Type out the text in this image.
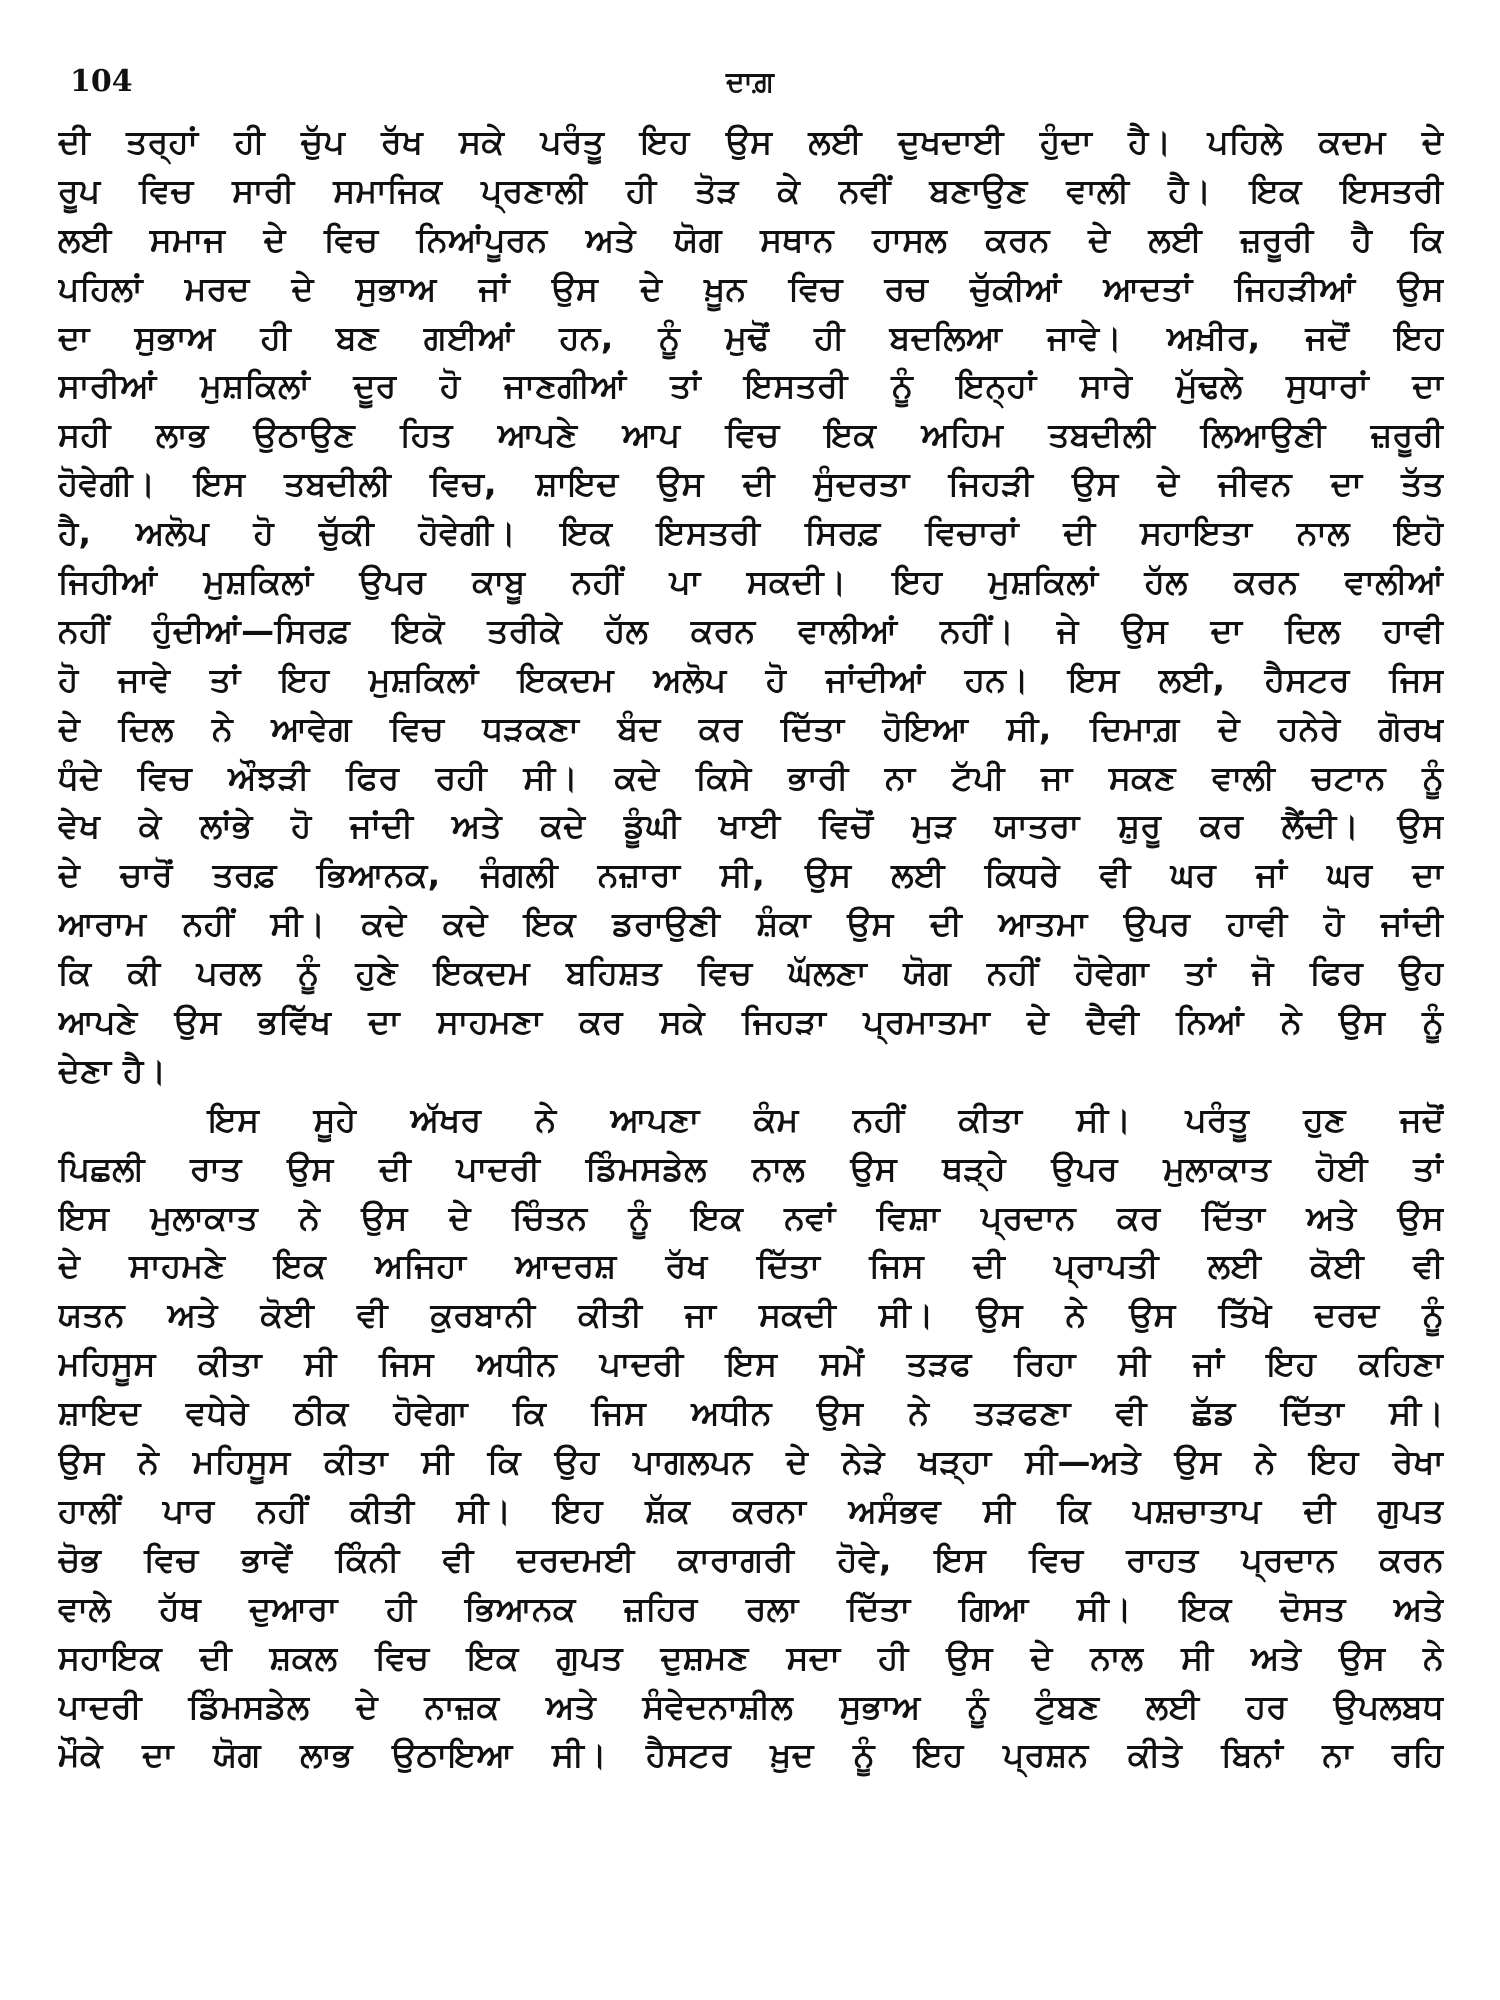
104	ਦਾਗ਼
ਦੀ ਤਰ੍ਹਾਂ ਹੀ ਚੁੱਪ ਰੱਖ ਸਕੇ ਪਰੰਤੂ ਇਹ ਉਸ ਲਈ ਦੁਖਦਾਈ ਹੁੰਦਾ ਹੈ। ਪਹਿਲੇ ਕਦਮ ਦੇ
ਰੂਪ ਵਿਚ ਸਾਰੀ ਸਮਾਜਿਕ ਪ੍ਰਣਾਲੀ ਹੀ ਤੋੜ ਕੇ ਨਵੀਂ ਬਣਾਉਣ ਵਾਲੀ ਹੈ। ਇਕ ਇਸਤਰੀ
ਲਈ ਸਮਾਜ ਦੇ ਵਿਚ ਨਿਆਂਪੂਰਨ ਅਤੇ ਯੋਗ ਸਥਾਨ ਹਾਸਲ ਕਰਨ ਦੇ ਲਈ ਜ਼ਰੂਰੀ ਹੈ ਕਿ
ਪਹਿਲਾਂ ਮਰਦ ਦੇ ਸੁਭਾਅ ਜਾਂ ਉਸ ਦੇ ਖ਼ੂਨ ਵਿਚ ਰਚ ਚੁੱਕੀਆਂ ਆਦਤਾਂ ਜਿਹੜੀਆਂ ਉਸ
ਦਾ ਸੁਭਾਅ ਹੀ ਬਣ ਗਈਆਂ ਹਨ, ਨੂੰ ਮੁਢੋਂ ਹੀ ਬਦਲਿਆ ਜਾਵੇ। ਅਖ਼ੀਰ, ਜਦੋਂ ਇਹ
ਸਾਰੀਆਂ ਮੁਸ਼ਕਿਲਾਂ ਦੂਰ ਹੋ ਜਾਣਗੀਆਂ ਤਾਂ ਇਸਤਰੀ ਨੂੰ ਇਨ੍ਹਾਂ ਸਾਰੇ ਮੁੱਢਲੇ ਸੁਧਾਰਾਂ ਦਾ
ਸਹੀ ਲਾਭ ਉਠਾਉਣ ਹਿਤ ਆਪਣੇ ਆਪ ਵਿਚ ਇਕ ਅਹਿਮ ਤਬਦੀਲੀ ਲਿਆਉਣੀ ਜ਼ਰੂਰੀ
ਹੋਵੇਗੀ। ਇਸ ਤਬਦੀਲੀ ਵਿਚ, ਸ਼ਾਇਦ ਉਸ ਦੀ ਸੁੰਦਰਤਾ ਜਿਹੜੀ ਉਸ ਦੇ ਜੀਵਨ ਦਾ ਤੱਤ
ਹੈ, ਅਲੋਪ ਹੋ ਚੁੱਕੀ ਹੋਵੇਗੀ। ਇਕ ਇਸਤਰੀ ਸਿਰਫ਼ ਵਿਚਾਰਾਂ ਦੀ ਸਹਾਇਤਾ ਨਾਲ ਇਹੋ
ਜਿਹੀਆਂ ਮੁਸ਼ਕਿਲਾਂ ਉਪਰ ਕਾਬੂ ਨਹੀਂ ਪਾ ਸਕਦੀ। ਇਹ ਮੁਸ਼ਕਿਲਾਂ ਹੱਲ ਕਰਨ ਵਾਲੀਆਂ
ਨਹੀਂ ਹੁੰਦੀਆਂ—ਸਿਰਫ਼ ਇਕੋ ਤਰੀਕੇ ਹੱਲ ਕਰਨ ਵਾਲੀਆਂ ਨਹੀਂ। ਜੇ ਉਸ ਦਾ ਦਿਲ ਹਾਵੀ
ਹੋ ਜਾਵੇ ਤਾਂ ਇਹ ਮੁਸ਼ਕਿਲਾਂ ਇਕਦਮ ਅਲੋਪ ਹੋ ਜਾਂਦੀਆਂ ਹਨ। ਇਸ ਲਈ, ਹੈਸਟਰ ਜਿਸ
ਦੇ ਦਿਲ ਨੇ ਆਵੇਗ ਵਿਚ ਧੜਕਣਾ ਬੰਦ ਕਰ ਦਿੱਤਾ ਹੋਇਆ ਸੀ, ਦਿਮਾਗ਼ ਦੇ ਹਨੇਰੇ ਗੋਰਖ
ਧੰਦੇ ਵਿਚ ਔਝੜੀ ਫਿਰ ਰਹੀ ਸੀ। ਕਦੇ ਕਿਸੇ ਭਾਰੀ ਨਾ ਟੱਪੀ ਜਾ ਸਕਣ ਵਾਲੀ ਚਟਾਨ ਨੂੰ
ਵੇਖ ਕੇ ਲਾਂਭੇ ਹੋ ਜਾਂਦੀ ਅਤੇ ਕਦੇ ਡੂੰਘੀ ਖਾਈ ਵਿਚੋਂ ਮੁੜ ਯਾਤਰਾ ਸ਼ੁਰੂ ਕਰ ਲੈਂਦੀ। ਉਸ
ਦੇ ਚਾਰੋਂ ਤਰਫ਼ ਭਿਆਨਕ, ਜੰਗਲੀ ਨਜ਼ਾਰਾ ਸੀ, ਉਸ ਲਈ ਕਿਧਰੇ ਵੀ ਘਰ ਜਾਂ ਘਰ ਦਾ
ਆਰਾਮ ਨਹੀਂ ਸੀ। ਕਦੇ ਕਦੇ ਇਕ ਡਰਾਉਣੀ ਸ਼ੰਕਾ ਉਸ ਦੀ ਆਤਮਾ ਉਪਰ ਹਾਵੀ ਹੋ ਜਾਂਦੀ
ਕਿ ਕੀ ਪਰਲ ਨੂੰ ਹੁਣੇ ਇਕਦਮ ਬਹਿਸ਼ਤ ਵਿਚ ਘੱਲਣਾ ਯੋਗ ਨਹੀਂ ਹੋਵੇਗਾ ਤਾਂ ਜੋ ਫਿਰ ਉਹ
ਆਪਣੇ ਉਸ ਭਵਿੱਖ ਦਾ ਸਾਹਮਣਾ ਕਰ ਸਕੇ ਜਿਹੜਾ ਪ੍ਰਮਾਤਮਾ ਦੇ ਦੈਵੀ ਨਿਆਂ ਨੇ ਉਸ ਨੂੰ
ਦੇਣਾ ਹੈ।
ਇਸ ਸੂਹੇ ਅੱਖਰ ਨੇ ਆਪਣਾ ਕੰਮ ਨਹੀਂ ਕੀਤਾ ਸੀ। ਪਰੰਤੂ ਹੁਣ ਜਦੋਂ
ਪਿਛਲੀ ਰਾਤ ਉਸ ਦੀ ਪਾਦਰੀ ਡਿੰਮਸਡੇਲ ਨਾਲ ਉਸ ਥੜ੍ਹੇ ਉਪਰ ਮੁਲਾਕਾਤ ਹੋਈ ਤਾਂ
ਇਸ ਮੁਲਾਕਾਤ ਨੇ ਉਸ ਦੇ ਚਿੰਤਨ ਨੂੰ ਇਕ ਨਵਾਂ ਵਿਸ਼ਾ ਪ੍ਰਦਾਨ ਕਰ ਦਿੱਤਾ ਅਤੇ ਉਸ
ਦੇ ਸਾਹਮਣੇ ਇਕ ਅਜਿਹਾ ਆਦਰਸ਼ ਰੱਖ ਦਿੱਤਾ ਜਿਸ ਦੀ ਪ੍ਰਾਪਤੀ ਲਈ ਕੋਈ ਵੀ
ਯਤਨ ਅਤੇ ਕੋਈ ਵੀ ਕੁਰਬਾਨੀ ਕੀਤੀ ਜਾ ਸਕਦੀ ਸੀ। ਉਸ ਨੇ ਉਸ ਤਿੱਖੇ ਦਰਦ ਨੂੰ
ਮਹਿਸੂਸ ਕੀਤਾ ਸੀ ਜਿਸ ਅਧੀਨ ਪਾਦਰੀ ਇਸ ਸਮੇਂ ਤੜਫ ਰਿਹਾ ਸੀ ਜਾਂ ਇਹ ਕਹਿਣਾ
ਸ਼ਾਇਦ ਵਧੇਰੇ ਠੀਕ ਹੋਵੇਗਾ ਕਿ ਜਿਸ ਅਧੀਨ ਉਸ ਨੇ ਤੜਫਣਾ ਵੀ ਛੱਡ ਦਿੱਤਾ ਸੀ।
ਉਸ ਨੇ ਮਹਿਸੂਸ ਕੀਤਾ ਸੀ ਕਿ ਉਹ ਪਾਗਲਪਨ ਦੇ ਨੇੜੇ ਖੜ੍ਹਾ ਸੀ—ਅਤੇ ਉਸ ਨੇ ਇਹ ਰੇਖਾ
ਹਾਲੀਂ ਪਾਰ ਨਹੀਂ ਕੀਤੀ ਸੀ। ਇਹ ਸ਼ੱਕ ਕਰਨਾ ਅਸੰਭਵ ਸੀ ਕਿ ਪਸ਼ਚਾਤਾਪ ਦੀ ਗੁਪਤ
ਚੋਭ ਵਿਚ ਭਾਵੇਂ ਕਿੰਨੀ ਵੀ ਦਰਦਮਈ ਕਾਰਾਗਰੀ ਹੋਵੇ, ਇਸ ਵਿਚ ਰਾਹਤ ਪ੍ਰਦਾਨ ਕਰਨ
ਵਾਲੇ ਹੱਥ ਦੁਆਰਾ ਹੀ ਭਿਆਨਕ ਜ਼ਹਿਰ ਰਲਾ ਦਿੱਤਾ ਗਿਆ ਸੀ। ਇਕ ਦੋਸਤ ਅਤੇ
ਸਹਾਇਕ ਦੀ ਸ਼ਕਲ ਵਿਚ ਇਕ ਗੁਪਤ ਦੁਸ਼ਮਣ ਸਦਾ ਹੀ ਉਸ ਦੇ ਨਾਲ ਸੀ ਅਤੇ ਉਸ ਨੇ
ਪਾਦਰੀ ਡਿੰਮਸਡੇਲ ਦੇ ਨਾਜ਼ਕ ਅਤੇ ਸੰਵੇਦਨਾਸ਼ੀਲ ਸੁਭਾਅ ਨੂੰ ਟੁੰਬਣ ਲਈ ਹਰ ਉਪਲਬਧ
ਮੌਕੇ ਦਾ ਯੋਗ ਲਾਭ ਉਠਾਇਆ ਸੀ। ਹੈਸਟਰ ਖ਼ੁਦ ਨੂੰ ਇਹ ਪ੍ਰਸ਼ਨ ਕੀਤੇ ਬਿਨਾਂ ਨਾ ਰਹਿ
